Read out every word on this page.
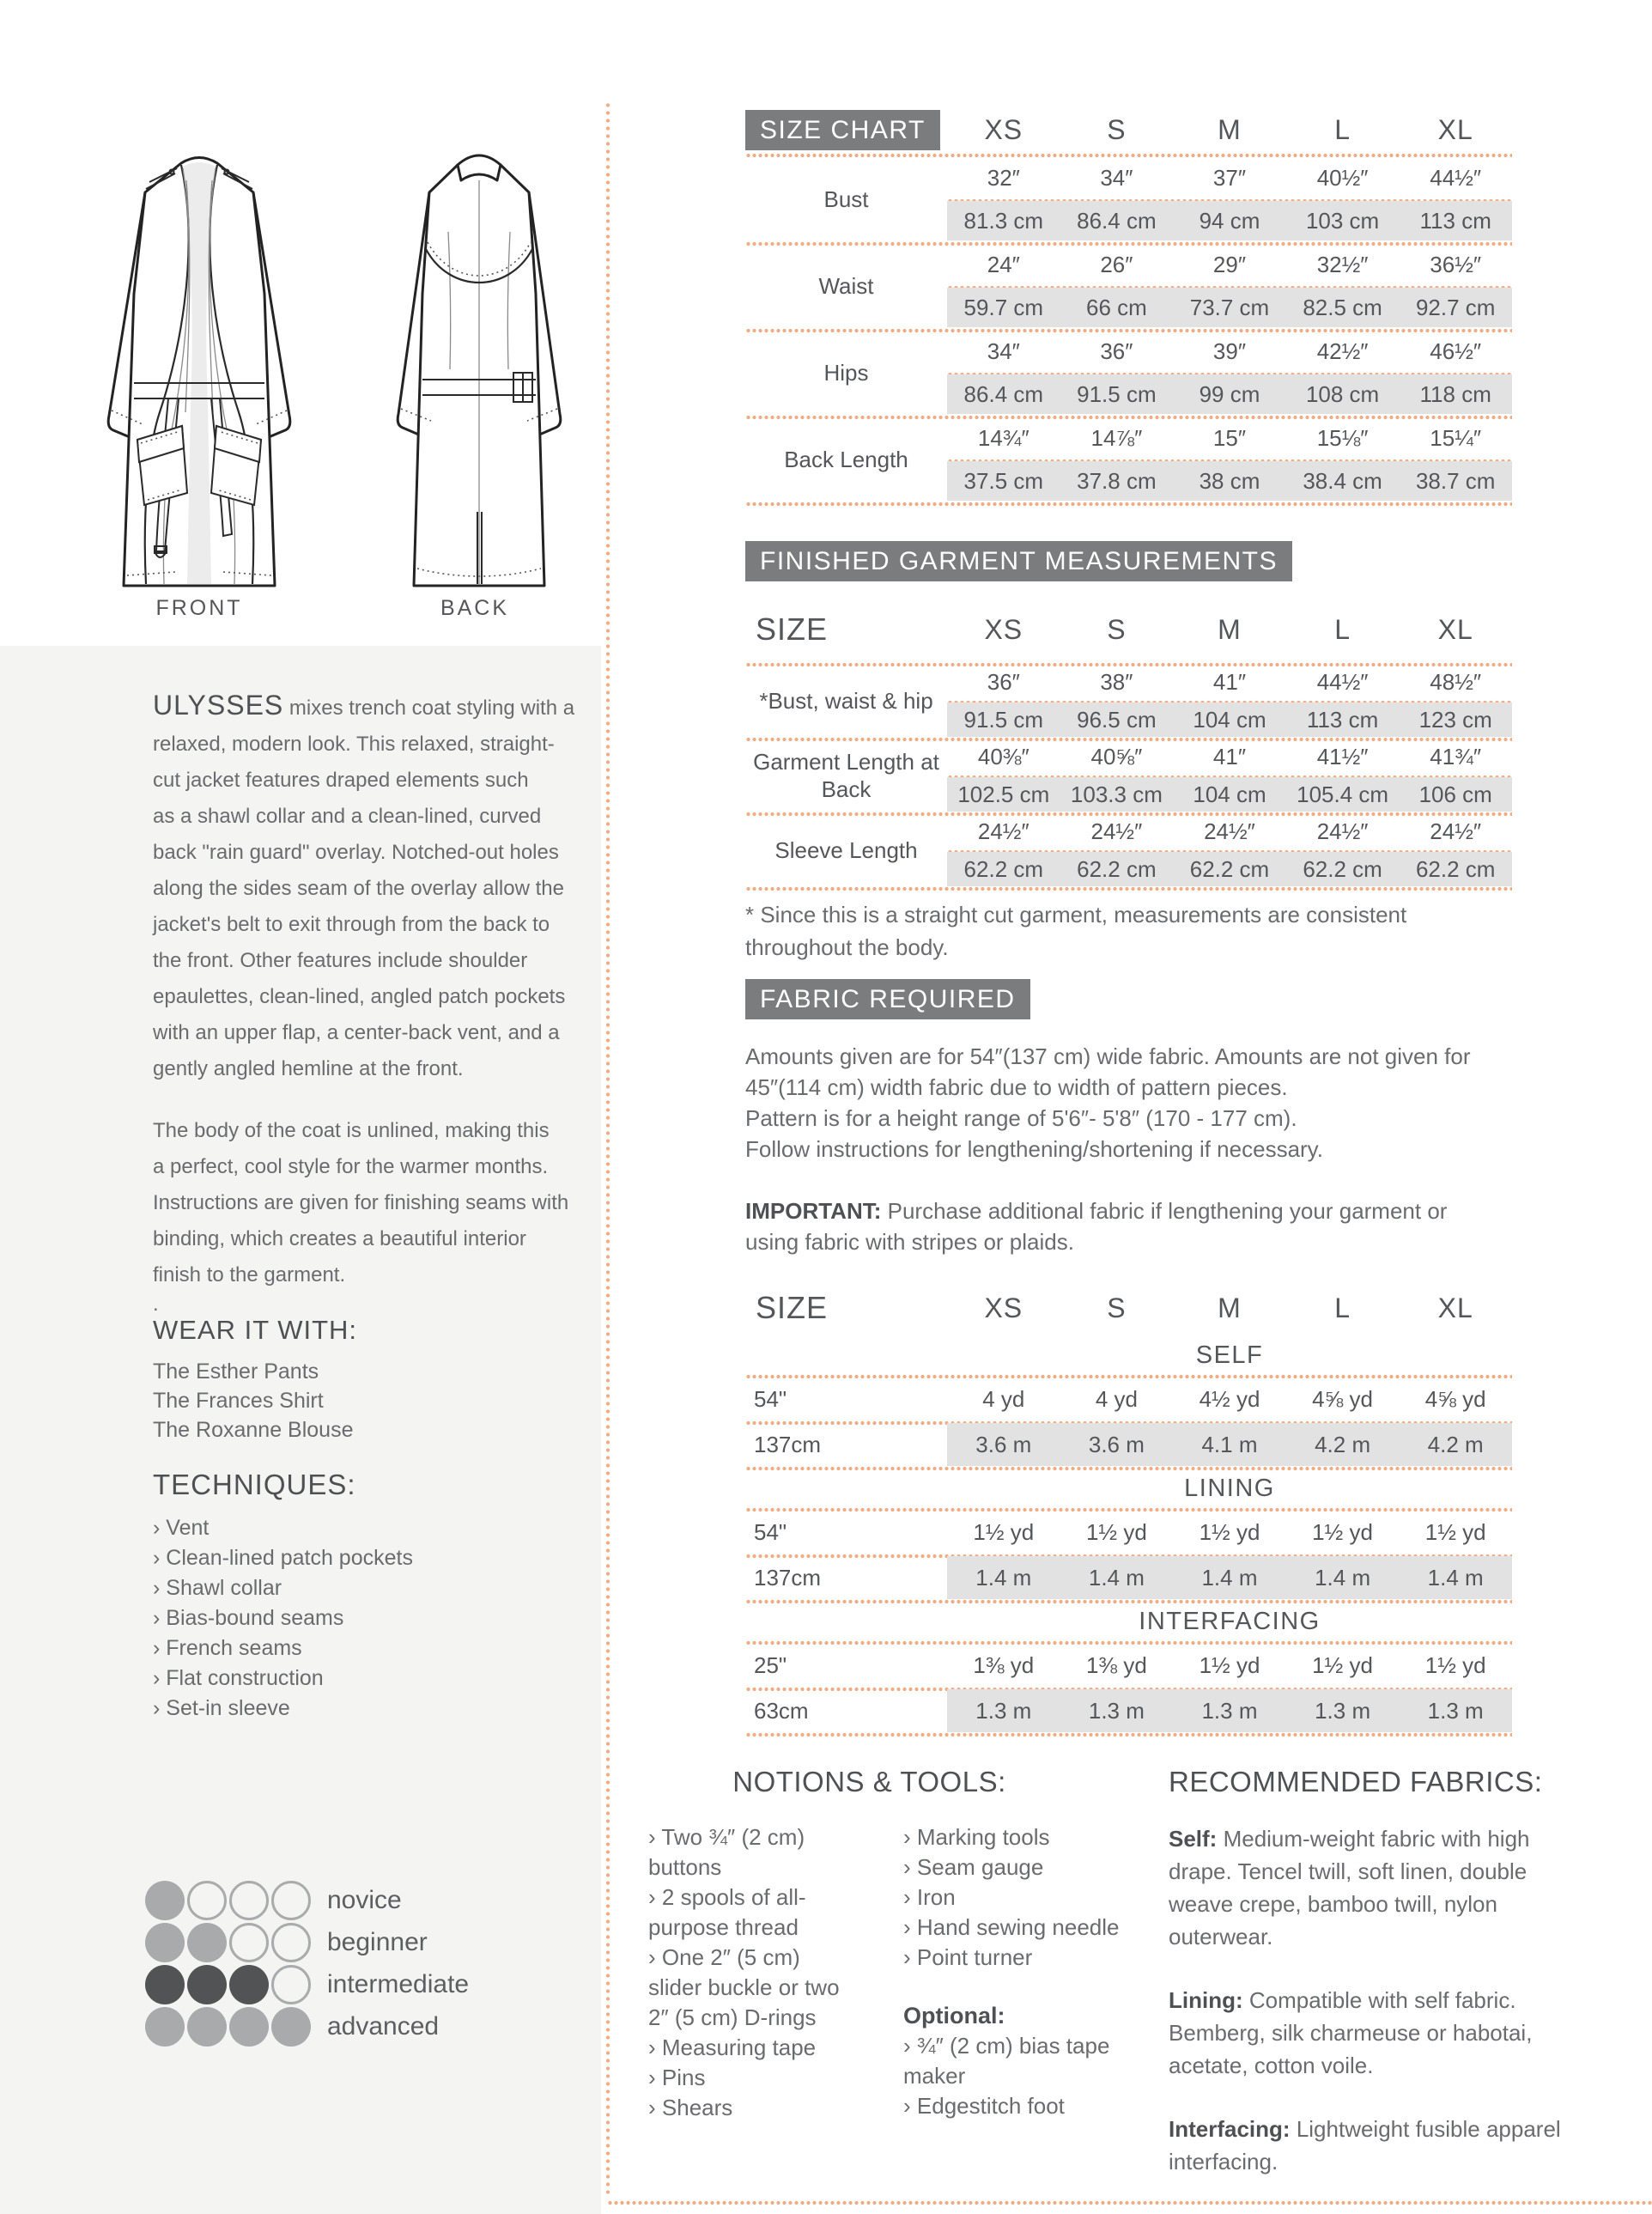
FRONT	BACK
ULYSSES mixes trench coat styling with a
relaxed, modern look. This relaxed, straight-
cut jacket features draped elements such
as a shawl collar and a clean-lined, curved
back "rain guard" overlay. Notched-out holes
along the sides seam of the overlay allow the
jacket's belt to exit through from the back to
the front. Other features include shoulder
epaulettes, clean-lined, angled patch pockets
with an upper flap, a center-back vent, and a
gently angled hemline at the front.
The body of the coat is unlined, making this
a perfect, cool style for the warmer months.
Instructions are given for finishing seams with
binding, which creates a beautiful interior
finish to the garment.
.
WEAR IT WITH:
The Esther Pants
The Frances Shirt
The Roxanne Blouse
TECHNIQUES:
› Vent
› Clean-lined patch pockets
› Shawl collar
› Bias-bound seams
› French seams
› Flat construction
› Set-in sleeve
novice
beginner
intermediate
advanced
SIZE CHART	XS	S	M	L	XL
Bust
32″	34″	37″	40½″	44½″
81.3 cm	86.4 cm	94 cm	103 cm	113 cm
Waist
24″	26″	29″	32½″	36½″
59.7 cm	66 cm	73.7 cm	82.5 cm	92.7 cm
Hips
34″	36″	39″	42½″	46½″
86.4 cm	91.5 cm	99 cm	108 cm	118 cm
Back Length
14¾″	14⅞″	15″	15⅛″	15¼″
37.5 cm	37.8 cm	38 cm	38.4 cm	38.7 cm
FINISHED GARMENT MEASUREMENTS
SIZE	XS	S	M	L	XL
*Bust, waist & hip
36″	38″	41″	44½″	48½″
91.5 cm	96.5 cm	104 cm	113 cm	123 cm
Garment Length at Back
40⅜″	40⅝″	41″	41½″	41¾″
102.5 cm 103.3 cm	104 cm	105.4 cm	106 cm
Sleeve Length
24½″	24½″	24½″	24½″	24½″
62.2 cm	62.2 cm	62.2 cm	62.2 cm	62.2 cm
* Since this is a straight cut garment, measurements are consistent
throughout the body.
FABRIC REQUIRED
Amounts given are for 54″(137 cm) wide fabric. Amounts are not given for
45″(114 cm) width fabric due to width of pattern pieces.
Pattern is for a height range of 5'6″- 5'8″ (170 - 177 cm).
Follow instructions for lengthening/shortening if necessary.
IMPORTANT: Purchase additional fabric if lengthening your garment or
using fabric with stripes or plaids.
SIZE	XS	S	M	L	XL
SELF
54"	4 yd	4 yd	4½ yd	4⅝ yd	4⅝ yd
137cm	3.6 m	3.6 m	4.1 m	4.2 m	4.2 m
LINING
54"	1½ yd	1½ yd	1½ yd	1½ yd	1½ yd
137cm	1.4 m	1.4 m	1.4 m	1.4 m	1.4 m
INTERFACING
25"	1⅜ yd	1⅜ yd	1½ yd	1½ yd	1½ yd
63cm	1.3 m	1.3 m	1.3 m	1.3 m	1.3 m
NOTIONS & TOOLS:
› Two ¾″ (2 cm) buttons
› 2 spools of all-purpose thread
› One 2″ (5 cm) slider buckle or two 2″ (5 cm) D-rings
› Measuring tape
› Pins
› Shears
› Marking tools
› Seam gauge
› Iron
› Hand sewing needle
› Point turner
Optional:
› ¾″ (2 cm) bias tape maker
› Edgestitch foot
RECOMMENDED FABRICS:
Self: Medium-weight fabric with high drape. Tencel twill, soft linen, double weave crepe, bamboo twill, nylon outerwear.
Lining: Compatible with self fabric. Bemberg, silk charmeuse or habotai, acetate, cotton voile.
Interfacing: Lightweight fusible apparel interfacing.
